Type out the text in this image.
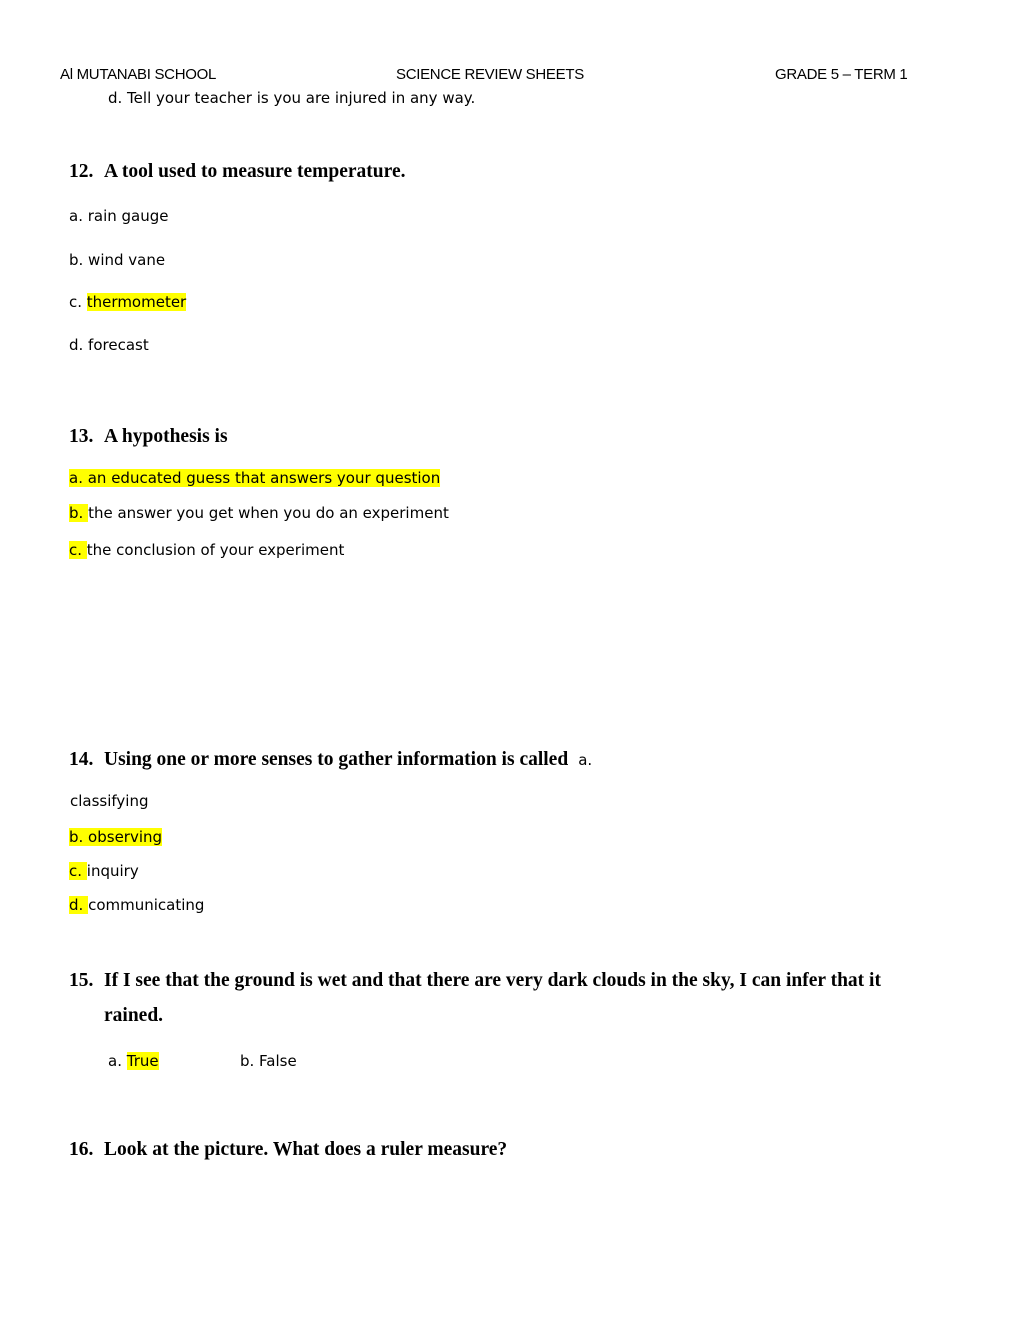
Al MUTANABI SCHOOL	SCIENCE REVIEW SHEETS	GRADE 5 – TERM 1
d. Tell your teacher is you are injured in any way.
12. A tool used to measure temperature.
a. rain gauge
b. wind vane
c. thermometer
d. forecast
13. A hypothesis is
a. an educated guess that answers your question
b. the answer you get when you do an experiment
c. the conclusion of your experiment
14. Using one or more senses to gather information is called a.
classifying
b. observing
c. inquiry
d. communicating
15. If I see that the ground is wet and that there are very dark clouds in the sky, I can infer that it
rained.
a. True	b. False
16. Look at the picture. What does a ruler measure?
